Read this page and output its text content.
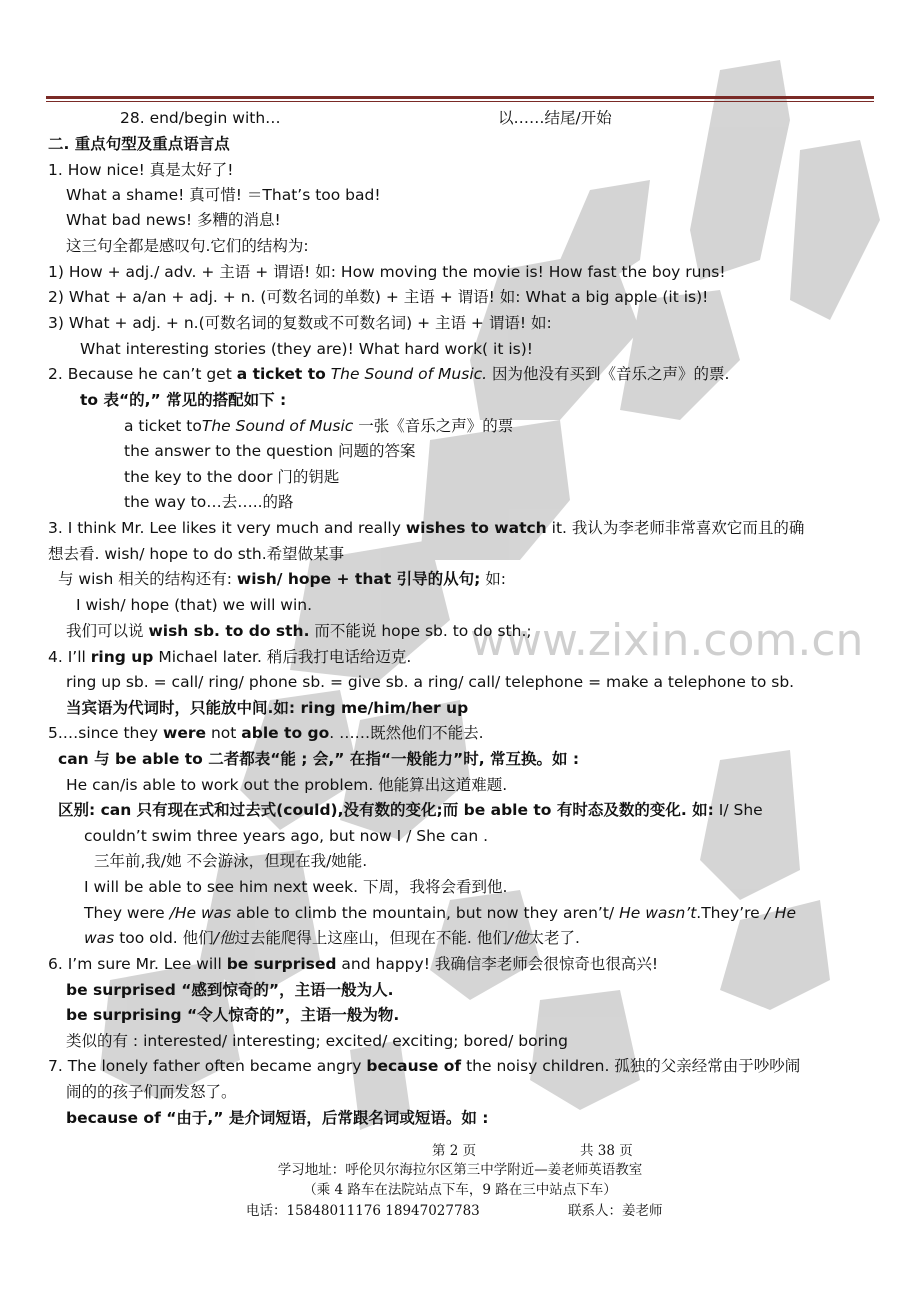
www.zixin.com.cn
28. end/begin with…	以……结尾/开始
二. 重点句型及重点语言点
1. How nice! 真是太好了!
What a shame! 真可惜! ＝That’s too bad!
What bad news! 多糟的消息!
这三句全都是感叹句.它们的结构为:
1) How + adj./ adv. + 主语 + 谓语! 如: How moving the movie is! How fast the boy runs!
2) What + a/an + adj. + n. (可数名词的单数) + 主语 + 谓语! 如: What a big apple (it is)!
3) What + adj. + n.(可数名词的复数或不可数名词) + 主语 + 谓语! 如:
What interesting stories (they are)! What hard work( it is)!
2. Because he can’t get a ticket to The Sound of Music. 因为他没有买到《音乐之声》的票.
to 表“的,” 常见的搭配如下 :
a ticket toThe Sound of Music 一张《音乐之声》的票
the answer to the question 问题的答案
the key to the door 门的钥匙
the way to…去…..的路
3. I think Mr. Lee likes it very much and really wishes to watch it. 我认为李老师非常喜欢它而且的确
想去看. wish/ hope to do sth.希望做某事
与 wish 相关的结构还有: wish/ hope + that 引导的从句; 如:
I wish/ hope (that) we will win.
我们可以说 wish sb. to do sth. 而不能说 hope sb. to do sth.;
4. I’ll ring up Michael later. 稍后我打电话给迈克.
ring up sb. = call/ ring/ phone sb. = give sb. a ring/ call/ telephone = make a telephone to sb.
当宾语为代词时，只能放中间.如: ring me/him/her up
5.…since they were not able to go. ……既然他们不能去.
can 与 be able to 二者都表“能 ; 会,” 在指“一般能力”时, 常互换。如 :
He can/is able to work out the problem. 他能算出这道难题.
区别: can 只有现在式和过去式(could),没有数的变化;而 be able to 有时态及数的变化. 如: I/ She
couldn’t swim three years ago, but now I / She can .
三年前,我/她 不会游泳，但现在我/她能.
I will be able to see him next week. 下周，我将会看到他.
They were /He was able to climb the mountain, but now they aren’t/ He wasn’t.They’re / He
was too old. 他们/他过去能爬得上这座山，但现在不能. 他们/他太老了.
6. I’m sure Mr. Lee will be surprised and happy! 我确信李老师会很惊奇也很高兴!
be surprised “感到惊奇的”，主语一般为人.
be surprising “令人惊奇的”，主语一般为物.
类似的有 : interested/ interesting; excited/ exciting; bored/ boring
7. The lonely father often became angry because of the noisy children. 孤独的父亲经常由于吵吵闹
闹的的孩子们而发怒了。
because of “由于,” 是介词短语，后常跟名词或短语。如 :
第 2 页	共 38 页
学习地址：呼伦贝尔海拉尔区第三中学附近—姜老师英语教室
（乘 4 路车在法院站点下车，9 路在三中站点下车）
电话：15848011176 18947027783	联系人：姜老师
